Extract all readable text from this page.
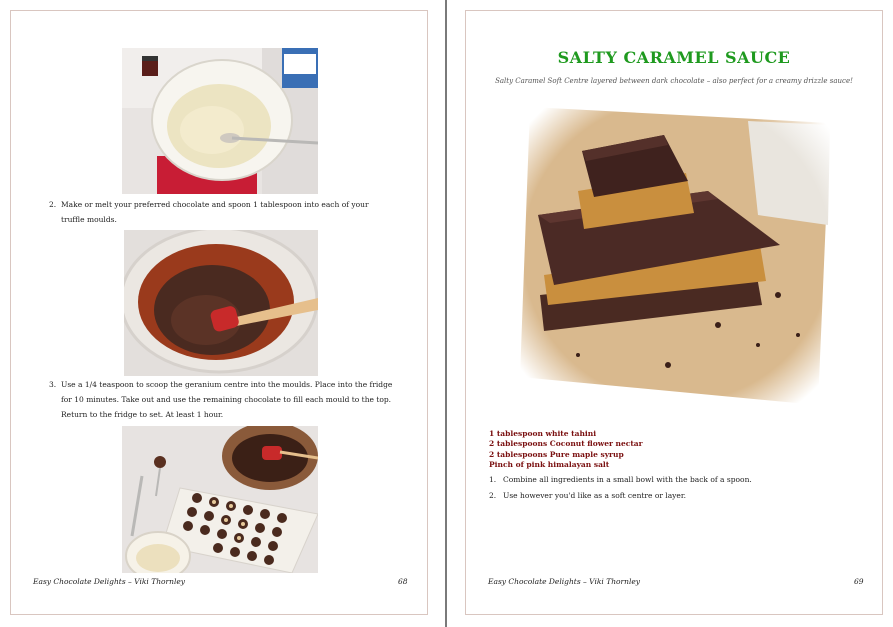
2. Make or melt your preferred chocolate and spoon 1 tablespoon into each of your truffle moulds.
3. Use a 1/4 teaspoon to scoop the geranium centre into the moulds. Place into the fridge for 10 minutes. Take out and use the remaining chocolate to fill each mould to the top. Return to the fridge to set. At least 1 hour.
Easy Chocolate Delights – Viki Thornley	68
SALTY CARAMEL SAUCE
Salty Caramel Soft Centre layered between dark chocolate – also perfect for a creamy drizzle sauce!
1 tablespoon white tahini
2 tablespoons Coconut flower nectar
2 tablespoons Pure maple syrup
Pinch of pink himalayan salt
1. Combine all ingredients in a small bowl with the back of a spoon.
2. Use however you'd like as a soft centre or layer.
Easy Chocolate Delights – Viki Thornley	69
